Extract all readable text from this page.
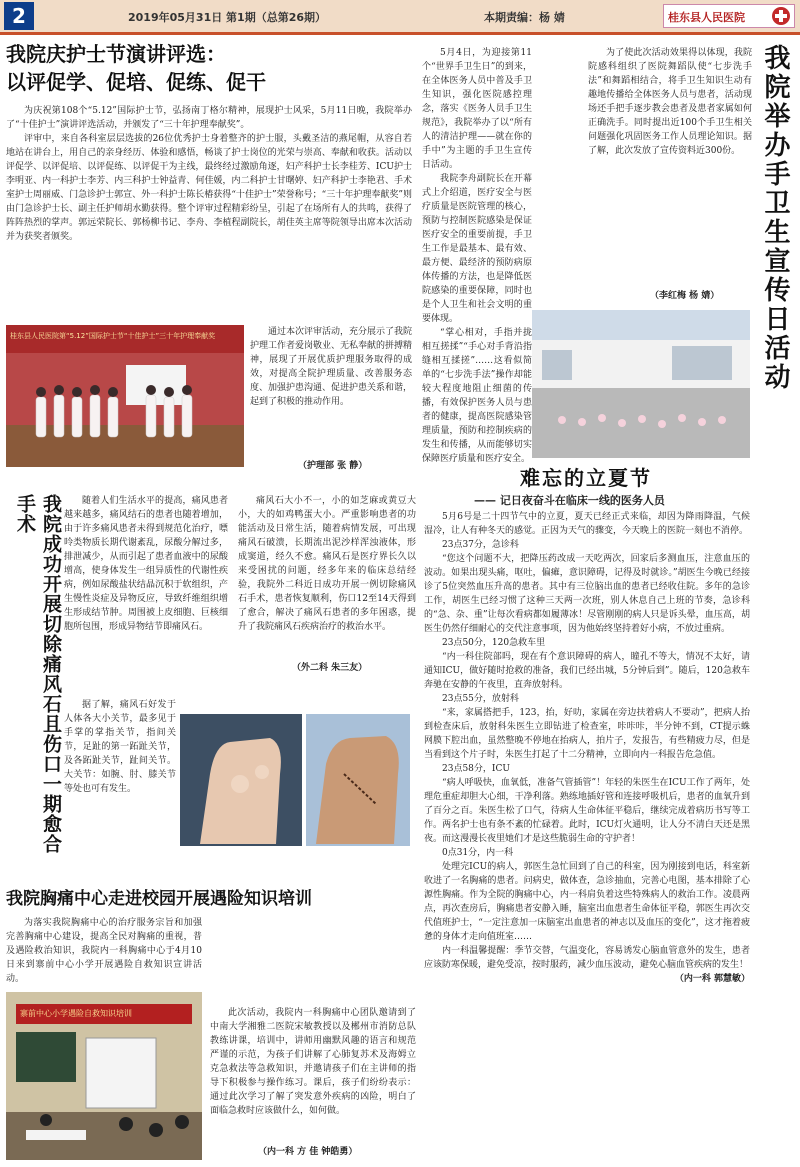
2	2019年05月31日 第1期（总第26期）	本期责编：杨 婧	桂东县人民医院
我院庆护士节演讲评选：
以评促学、促培、促练、促干

为庆祝第108个“5.12”国际护士节，弘扬南丁格尔精神，展现护士风采，5月11日晚，我院举办了“十佳护士”演讲评选活动，并颁发了“三十年护理奉献奖”。

评审中，来自各科室层层选拔的26位优秀护士身着整齐的护士服，头戴圣洁的燕尾帽，从容自若地站在讲台上，用自己的亲身经历、体验和感悟，畅谈了护士岗位的光荣与崇高、奉献和收获。活动以评促学、以评促培、以评促练、以评促干为主线，最终经过激励角逐，妇产科护士长李桂芳、ICU护士李明亚、内一科护士李芳、内三科护士钟益青、何佳媛，内二科护士甘曙婷、妇产科护士李艳君、手术室护士周丽威、门急诊护士郭宣、外一科护士陈长椿获得“十佳护士”荣誉称号；“三十年护理奉献奖”则由门急诊护士长、副主任护师胡水勤获得。整个评审过程精彩纷呈，引起了在场所有人的共鸣，获得了阵阵热烈的掌声。郭远荣院长、郭杨柳书记、李舟、李植程副院长，胡佳英主席等院领导出席本次活动并为获奖者颁奖。

桂东县人民医院第“5.12”国际护士节“十佳护士”三十年护理奉献奖	通过本次评审活动，充分展示了我院护理工作者爱岗敬业、无私奉献的拼搏精神，展现了开展优质护理服务取得的成效，对提高全院护理质量、改善服务态度、加强护患沟通、促进护患关系和谐，起到了积极的推动作用。

（护理部 张 静）

5月4日，为迎接第11个“世界手卫生日”的到来，在全体医务人员中普及手卫生知识，强化医院感控理念，落实《医务人员手卫生规范》，我院举办了以“所有人的清洁护理——就在你的手中”为主题的手卫生宣传日活动。

我院李舟副院长在开幕式上介绍道，医疗安全与医疗质量是医院管理的核心，预防与控制医院感染是保证医疗安全的重要前提，手卫生工作是最基本、最有效、最方便、最经济的预防病原体传播的方法，也是降低医院感染的重要保障，同时也是个人卫生和社会文明的重要体现。

“掌心相对，手指并拢相互搓揉”“手心对手背沿指缝相互揉搓”……这看似简单的“七步洗手法”操作却能较大程度地阻止细菌的传播，有效保护医务人员与患者的健康，提高医院感染管理质量，预防和控制疾病的发生和传播，从而能够切实保障医疗质量和医疗安全。

为了使此次活动效果得以体现，我院院感科组织了医院舞蹈队使“七步洗手法”和舞蹈相结合，将手卫生知识生动有趣地传播给全体医务人员与患者，活动现场还手把手逐步教会患者及患者家属如何正确洗手。同时提出近100个手卫生相关问题强化巩固医务工作人员理论知识。据了解，此次发放了宣传资料近300份。

（李红梅 杨 婧） 我院举办手卫生宣传日活动
我院成功开展切除痛风石且伤口一期愈合手术	随着人们生活水平的提高，痛风患者越来越多，痛风结石的患者也随着增加，由于许多痛风患者未得到规范化治疗，嘌呤类物质长期代谢紊乱，尿酸分解过多，排泄减少，从而引起了患者血液中的尿酸增高，使身体发生一组异质性的代谢性疾病，例如尿酸盐状结晶沉积于软组织，产生慢性炎症及异物反应，导致纤维组织增生形成结节肿。周围被上皮细胞、巨核细胞所包围，形成异物结节即痛风石。

据了解，痛风石好发于人体各大小关节，最多见于手掌的掌指关节，指间关节，足趾的第一跖趾关节，及各跖趾关节，趾间关节。大关节：如腕、肘、膝关节等处也可有发生。

痛风石大小不一，小的如芝麻或黄豆大小，大的如鸡鸭蛋大小。严重影响患者的功能活动及日常生活，随着病情发展，可出现痛风石破溃，长期流出泥沙样浑浊液体，形成窦道，经久不愈。痛风石是医疗界长久以来受困扰的问题，经多年来的临床总结经验，我院外二科近日成功开展一例切除痛风石手术，患者恢复顺利，伤口12至14天得到了愈合，解决了痛风石患者的多年困惑，提升了我院痛风石疾病治疗的救治水平。

（外二科 朱三友）
难忘的立夏节
—— 记日夜奋斗在临床一线的医务人员

5月6号是二十四节气中的立夏，夏天已经正式来临，却因为降雨降温，气候湿冷，让人有种冬天的感觉。正因为天气的骤变，今天晚上的医院一刻也不消停。

23点37分，急诊科

“您这个问题不大，把降压药改成一天吃两次，回家后多测血压，注意血压的波动。如果出现头痛，呕吐，偏瘫，意识障碍，记得及时就诊。”胡医生今晚已经接诊了5位突然血压升高的患者。其中有三位脑出血的患者已经收住院。多年的急诊工作，胡医生已经习惯了这种三天两一次班，别人休息自己上班的节奏，急诊科的“急、杂、重”让每次看病都如履薄冰！尽管刚刚的病人只是诉头晕，血压高，胡医生仍然仔细耐心的交代注意事项，因为他始终坚持着好小病，不放过重病。

23点50分，120急救车里

“内一科住院部吗，现在有个意识障碍的病人，瞳孔不等大，情况不太好，请通知ICU，做好随时抢救的准备，我们已经出城，5分钟后到”。随后，120急救车奔驰在安静的午夜里，直奔放射科。

23点55分，放射科

“来，家属搭把手，123，抬，好叻，家属在旁边扶着病人不要动”，把病人抬到检查床后，放射科朱医生立即钻进了检查室，咔咔咔，半分钟不到，CT提示蛛网膜下腔出血，虽然整晚不停地在抬病人，拍片子，发报告，有些精疲力尽，但是当看到这个片子时，朱医生打起了十二分精神，立即向内一科报告危急值。

23点58分，ICU

“病人呼吸快，血氧低，准备气管插管”！年轻的朱医生在ICU工作了两年，处理危重症却胆大心细，干净利落。熟练地插好管和连接呼吸机后，患者的血氧升到了百分之百。朱医生松了口气，待病人生命体征平稳后，继续完成着病历书写等工作。两名护士也有条不紊的忙碌着。此时，ICU灯火通明，让人分不清白天还是黑夜。而这漫漫长夜里她们才是这些脆弱生命的守护者！

0点31分，内一科

处理完ICU的病人，郭医生急忙回到了自己的科室，因为刚接到电话，科室新收进了一名胸痛的患者。问病史，做体查，急诊抽血，完善心电图，基本排除了心源性胸痛。作为全院的胸痛中心，内一科肩负着这些特殊病人的救治工作。凌晨两点，再次查房后，胸痛患者安静入睡，脑室出血患者生命体征平稳，郭医生再次交代值班护士，“一定注意加一床脑室出血患者的神志以及血压的变化”，这才拖着疲惫的身体才走向值班室……

内一科温馨提醒：季节交替，气温变化，容易诱发心脑血管意外的发生，患者应该防寒保暖，避免受凉，按时服药，减少血压波动，避免心脑血管疾病的发生！

（内一科 郭慧敏）

我院胸痛中心走进校园开展遇险知识培训

为落实我院胸痛中心的治疗服务宗旨和加强完善胸痛中心建设，提高全民对胸痛的重视，普及遇险救治知识，我院内一科胸痛中心于4月10日来到寨前中心小学开展遇险自救知识宣讲活动。

此次活动，我院内一科胸痛中心团队邀请到了中南大学湘雅二医院宋敏教授以及郴州市消防总队教练讲课，培训中，讲师用幽默风趣的语言和规范严谨的示范，为孩子们讲解了心肺复苏术及海姆立克急救法等急救知识，并邀请孩子们在主讲师的指导下积极参与操作练习。课后，孩子们纷纷表示：通过此次学习了解了突发意外疾病的凶险，明白了面临急救时应该做什么，如何做。

（内一科 方 佳 钟皓勇）
寨前中心小学遇险自救知识培训
